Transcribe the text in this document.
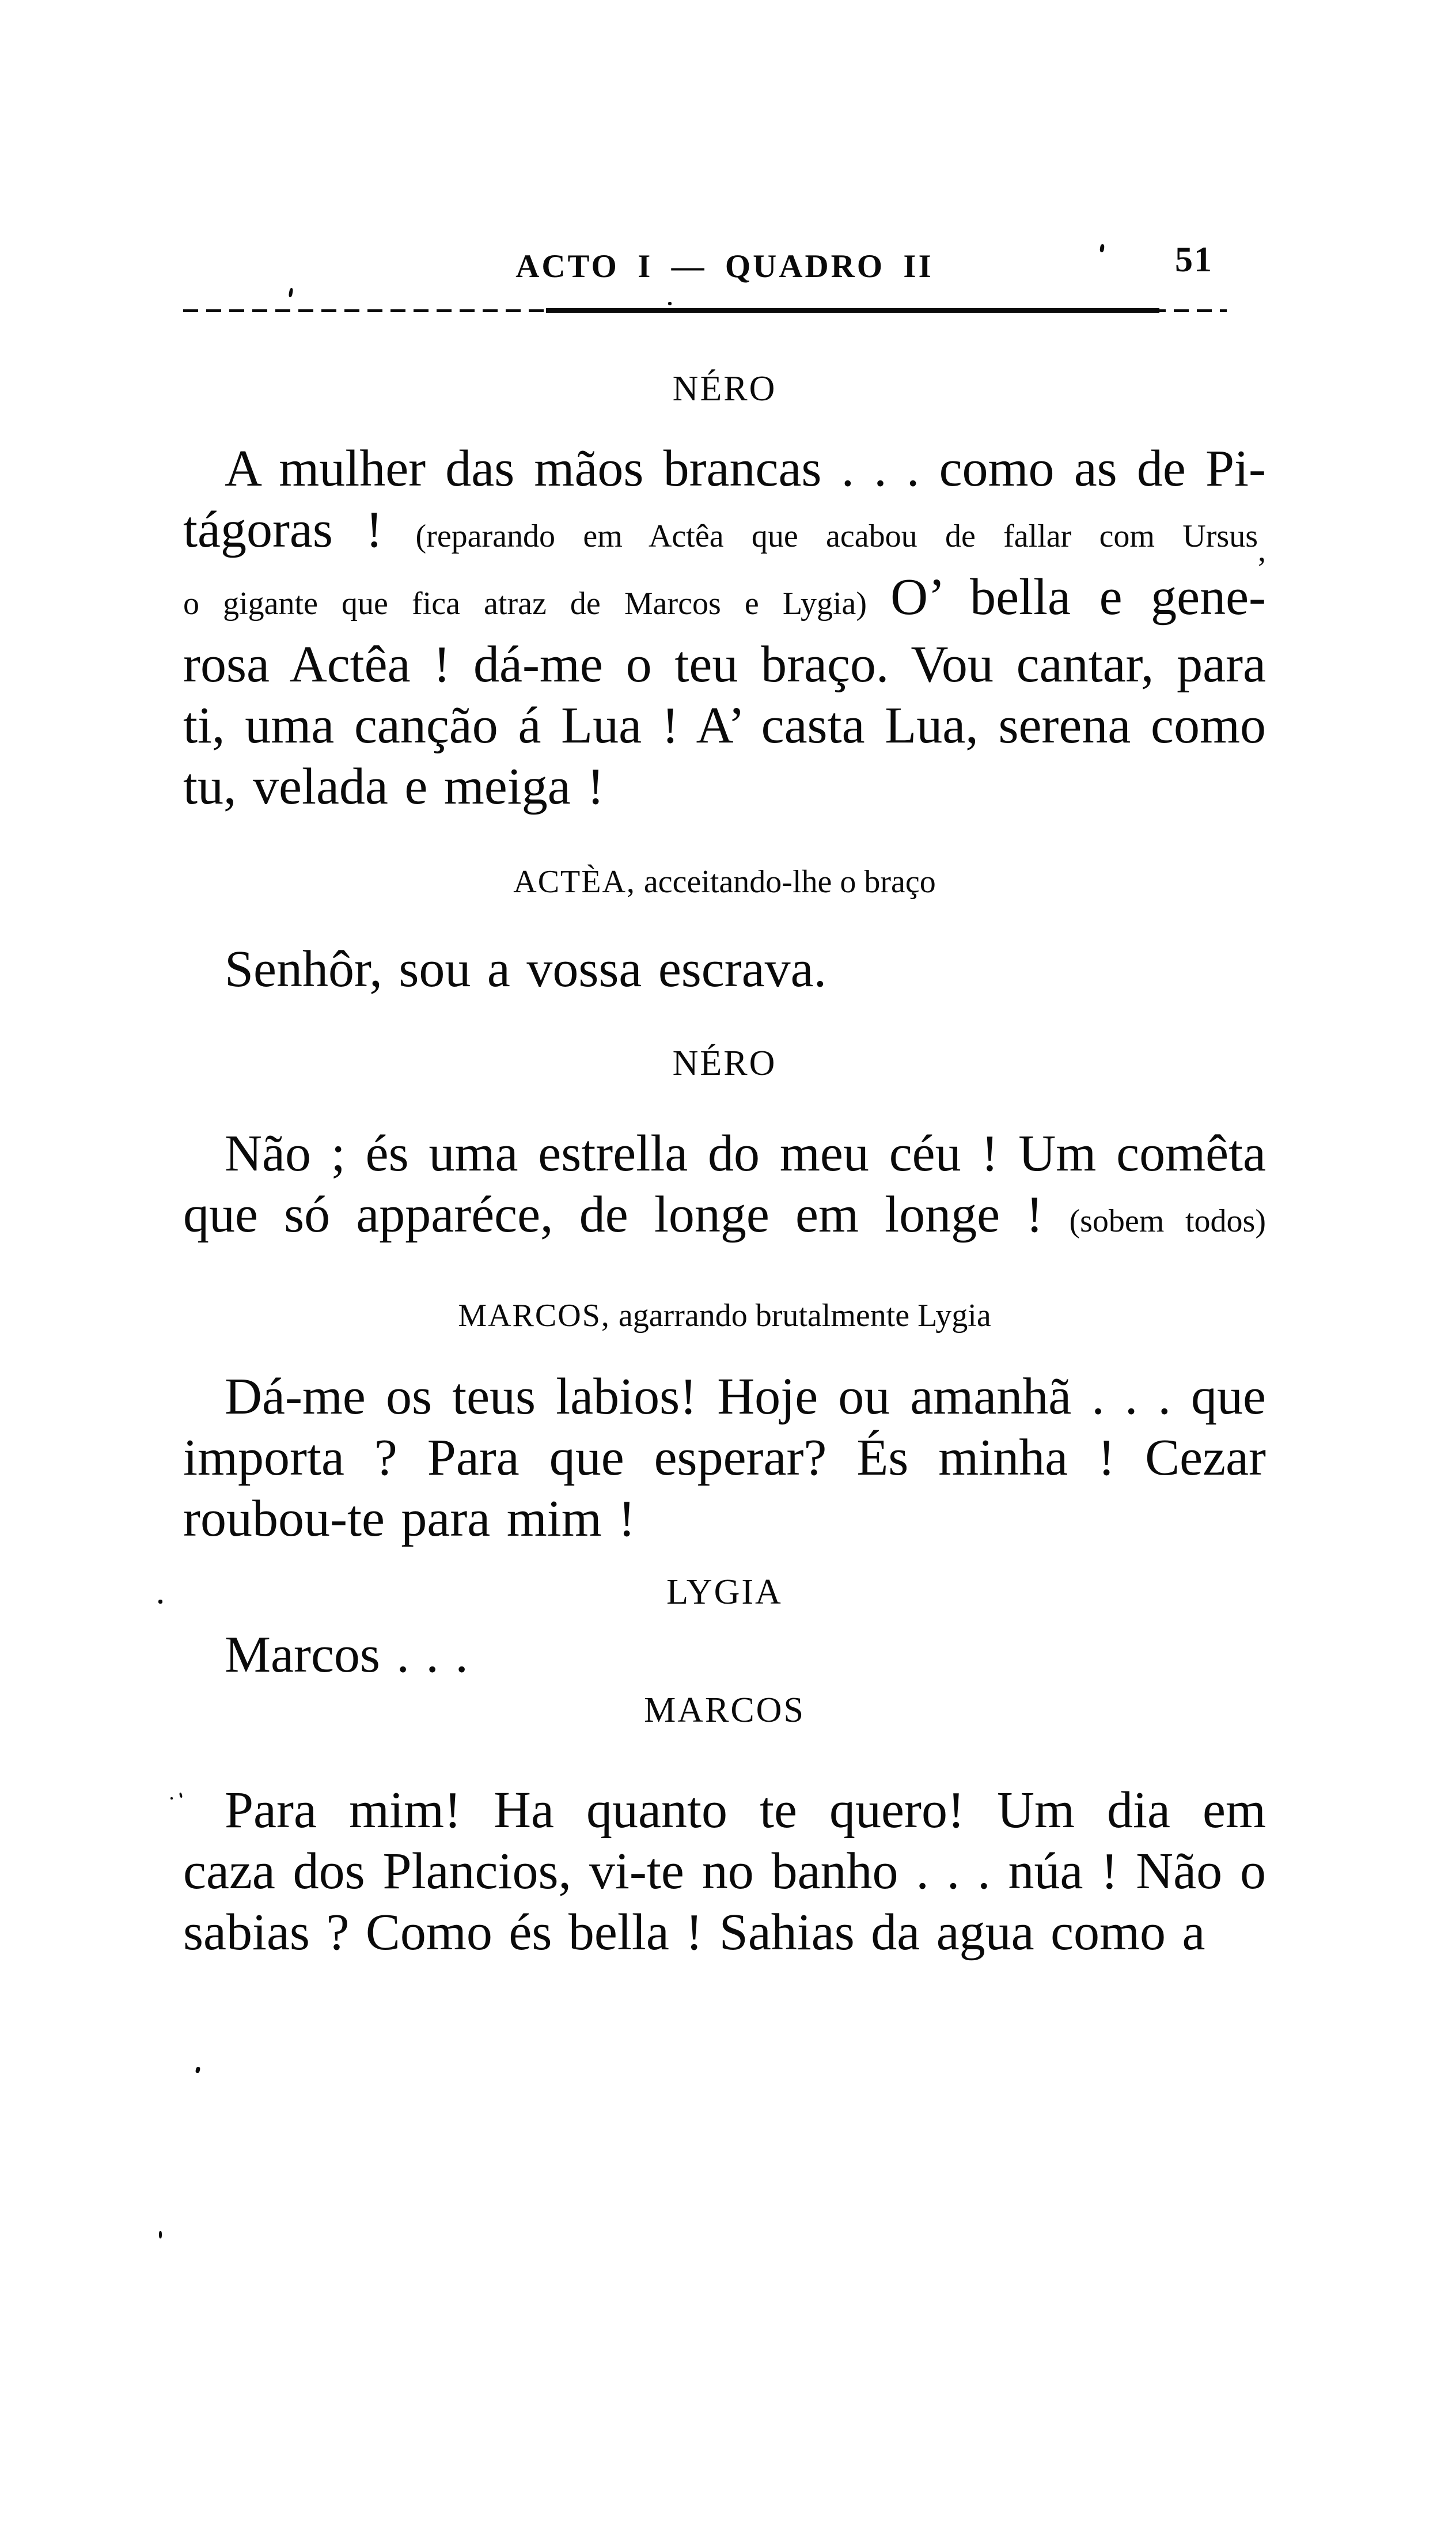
ACTO I — QUADRO II	51
NÉRO
A mulher das mãos brancas . . . como as de Pi-
tágoras ! (reparando em Actêa que acabou de fallar com Ursus$_,$
o gigante que fica atraz de Marcos e Lygia) O’ bella e gene-
rosa Actêa ! dá-me o teu braço. Vou cantar, para
ti, uma canção á Lua ! A’ casta Lua, serena como
tu, velada e meiga !
ACTÈA, acceitando-lhe o braço
Senhôr, sou a vossa escrava.
NÉRO
Não ; és uma estrella do meu céu ! Um comêta
que só apparéce, de longe em longe ! (sobem todos)
MARCOS, agarrando brutalmente Lygia
Dá-me os teus labios! Hoje ou amanhã . . . que
importa ? Para que esperar? És minha ! Cezar
roubou-te para mim !
LYGIA
Marcos . . .
MARCOS
Para mim! Ha quanto te quero! Um dia em
caza dos Plancios, vi-te no banho . . . núa ! Não o
sabias ? Como és bella ! Sahias da agua como a
